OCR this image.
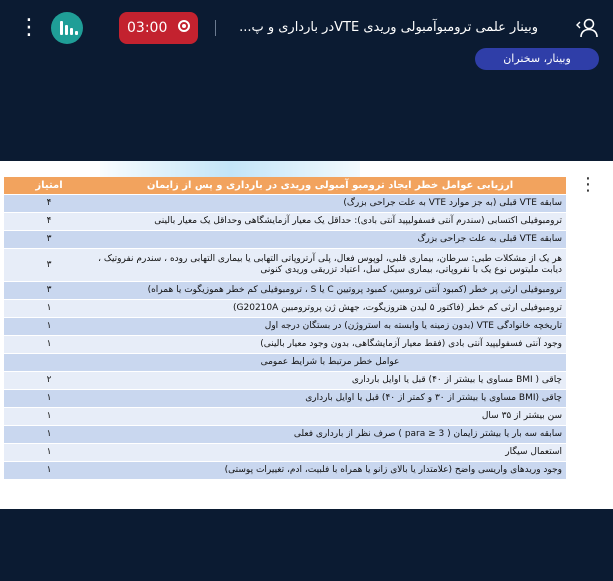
⋮	03:00	وبینار علمی ترومبوآمبولی وریدی VTEدر بارداری و پ...
وبینار، سخنران
ارزیابی عوامل خطر ایجاد ترومبو آمبولی وریدی در بارداری و پس از زایمان	امتیاز
سابقه VTE قبلی (به جز موارد VTE به علت جراحی بزرگ)	۴
ترومبوفیلی اکتسابی (سندرم آنتی فسفولیپید آنتی بادی): حداقل یک معیار آزمایشگاهی وحداقل یک معیار بالینی	۴
سابقه VTE قبلی به علت جراحی بزرگ	۳
هر یک از مشکلات طبی: سرطان، بیماری قلبی، لوپوس فعال، پلی آرتروپاتی التهابی یا بیماری التهابی روده ، سندرم نفروتیک ، دیابت ملیتوس نوع یک با نفروپاتی، بیماری سیکل سل، اعتیاد تزریقی وریدی کنونی	۳
ترومبوفیلی ارثی پر خطر (کمبود آنتی ترومبین، کمبود پروتیین C یا S ، ترومبوفیلی کم خطر هموزیگوت یا همراه)	۳
ترومبوفیلی ارثی کم خطر (فاکتور ۵ لیدن هتروزیگوت، جهش ژن پروترومبین G20210A)	۱
تاریخچه خانوادگی VTE (بدون زمینه یا وابسته به استروژن) در بستگان درجه اول	۱
وجود آنتی فسفولیپید آنتی بادی (فقط معیار آزمایشگاهی، بدون وجود معیار بالینی)	۱
عوامل خطر مرتبط با شرایط عمومی	
چاقی ( BMI مساوی یا بیشتر از ۴۰) قبل یا اوایل بارداری	۲
چاقی (BMI مساوی یا بیشتر از ۳۰ و کمتر از ۴۰) قبل یا اوایل بارداری	۱
سن بیشتر از ۳۵ سال	۱
سابقه سه بار یا بیشتر زایمان ( para ≥ 3 ) صرف نظر از بارداری فعلی	۱
استعمال سیگار	۱
وجود وریدهای واریسی واضح (علامتدار یا بالای زانو یا همراه با فلبیت، ادم، تغییرات پوستی)	۱
⋮
